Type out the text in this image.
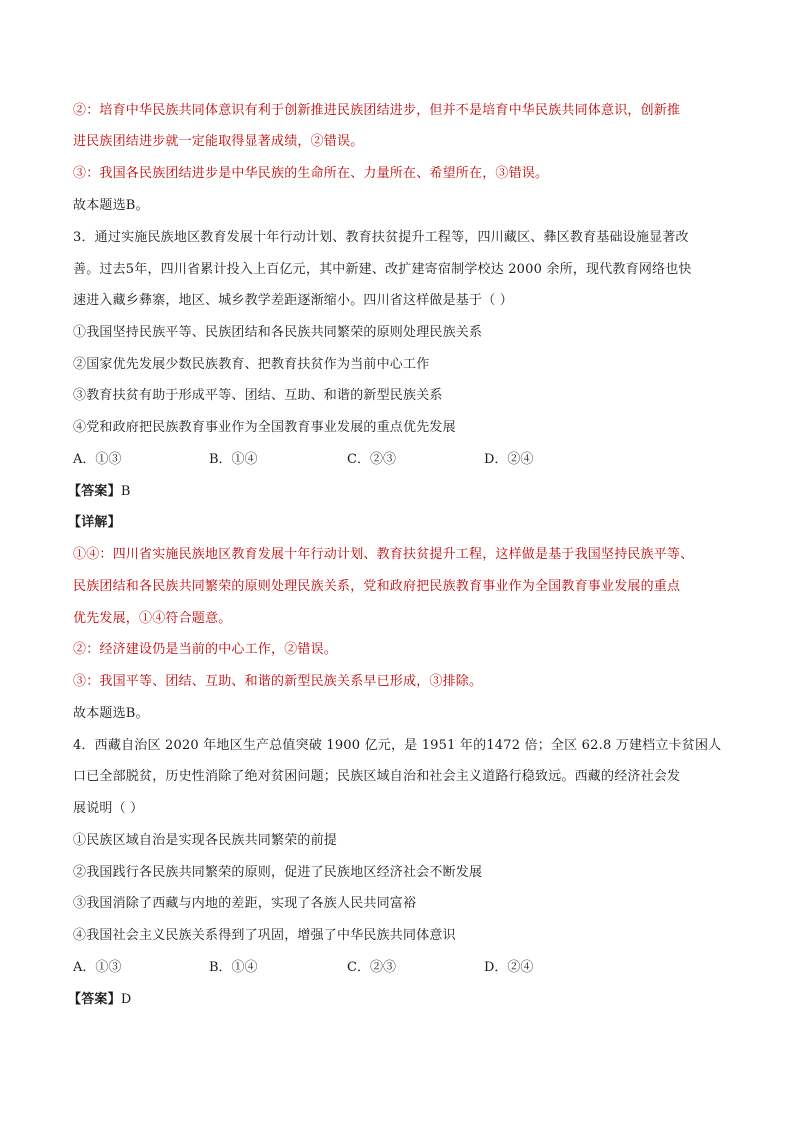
②：培育中华民族共同体意识有利于创新推进民族团结进步，但并不是培育中华民族共同体意识，创新推
进民族团结进步就一定能取得显著成绩，②错误。
③：我国各民族团结进步是中华民族的生命所在、力量所在、希望所在，③错误。
故本题选B。
3．通过实施民族地区教育发展十年行动计划、教育扶贫提升工程等，四川藏区、彝区教育基础设施显著改
善。过去5年，四川省累计投入上百亿元，其中新建、改扩建寄宿制学校达 2000 余所，现代教育网络也快
速进入藏乡彝寨，地区、城乡教学差距逐渐缩小。四川省这样做是基于（ ）
①我国坚持民族平等、民族团结和各民族共同繁荣的原则处理民族关系
②国家优先发展少数民族教育、把教育扶贫作为当前中心工作
③教育扶贫有助于形成平等、团结、互助、和谐的新型民族关系
④党和政府把民族教育事业作为全国教育事业发展的重点优先发展
A．①③	B．①④	C．②③	D．②④
【答案】B
【详解】
①④：四川省实施民族地区教育发展十年行动计划、教育扶贫提升工程，这样做是基于我国坚持民族平等、
民族团结和各民族共同繁荣的原则处理民族关系，党和政府把民族教育事业作为全国教育事业发展的重点
优先发展，①④符合题意。
②：经济建设仍是当前的中心工作，②错误。
③：我国平等、团结、互助、和谐的新型民族关系早已形成，③排除。
故本题选B。
4．西藏自治区 2020 年地区生产总值突破 1900 亿元，是 1951 年的1472 倍；全区 62.8 万建档立卡贫困人
口已全部脱贫，历史性消除了绝对贫困问题；民族区域自治和社会主义道路行稳致远。西藏的经济社会发
展说明（ ）
①民族区域自治是实现各民族共同繁荣的前提
②我国践行各民族共同繁荣的原则，促进了民族地区经济社会不断发展
③我国消除了西藏与内地的差距，实现了各族人民共同富裕
④我国社会主义民族关系得到了巩固，增强了中华民族共同体意识
A．①③	B．①④	C．②③	D．②④
【答案】D
